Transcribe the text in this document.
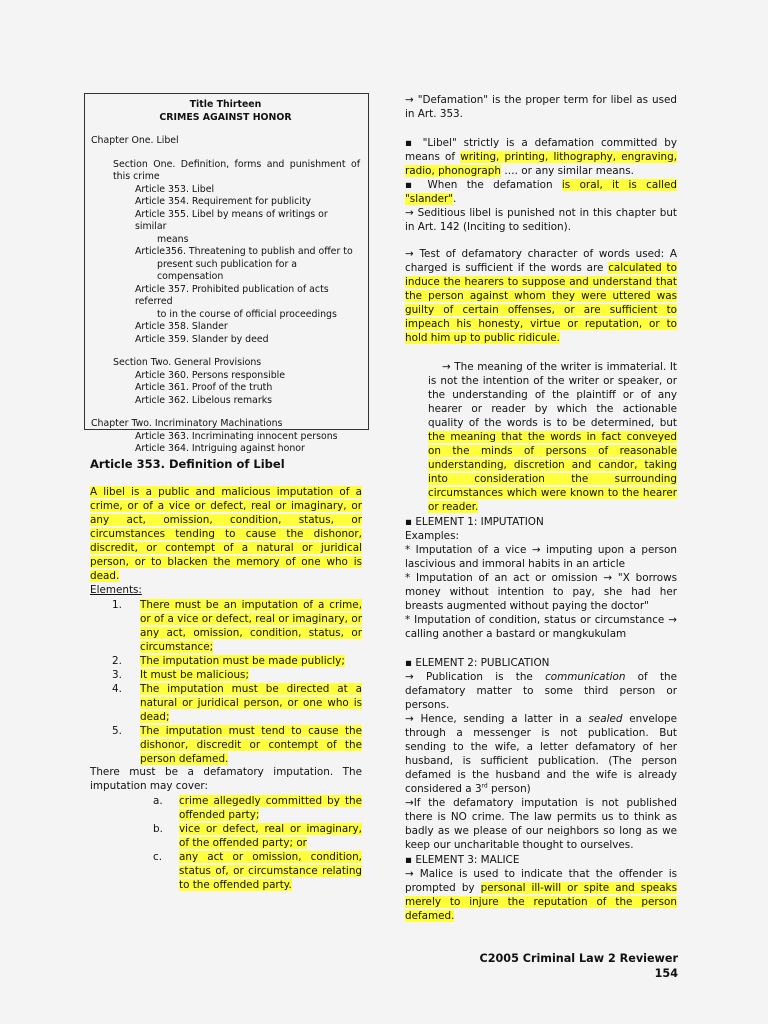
Title Thirteen
CRIMES AGAINST HONOR
Chapter One. Libel
Section One. Definition, forms and punishment of this crime
Article 353. Libel
Article 354. Requirement for publicity
Article 355. Libel by means of writings or similar
means
Article356. Threatening to publish and offer to
present such publication for a compensation
Article 357. Prohibited publication of acts referred
to in the course of official proceedings
Article 358. Slander
Article 359. Slander by deed
Section Two. General Provisions
Article 360. Persons responsible
Article 361. Proof of the truth
Article 362. Libelous remarks
Chapter Two. Incriminatory Machinations
Article 363. Incriminating innocent persons
Article 364. Intriguing against honor
Article 353. Definition of Libel
A libel is a public and malicious imputation of a crime, or of a vice or defect, real or imaginary, or any act, omission, condition, status, or circumstances tending to cause the dishonor, discredit, or contempt of a natural or juridical person, or to blacken the memory of one who is dead.
Elements:
1.	There must be an imputation of a crime, or of a vice or defect, real or imaginary, or any act, omission, condition, status, or circumstance;
2.	The imputation must be made publicly;
3.	It must be malicious;
4.	The imputation must be directed at a natural or juridical person, or one who is dead;
5.	The imputation must tend to cause the dishonor, discredit or contempt of the person defamed.
There must be a defamatory imputation. The imputation may cover:
a.	crime allegedly committed by the offended party;
b.	vice or defect, real or imaginary, of the offended party; or
c.	any act or omission, condition, status of, or circumstance relating to the offended party.
→ "Defamation" is the proper term for libel as used in Art. 353.
▪ "Libel" strictly is a defamation committed by means of writing, printing, lithography, engraving, radio, phonograph …. or any similar means.
▪ When the defamation is oral, it is called "slander".
→ Seditious libel is punished not in this chapter but in Art. 142 (Inciting to sedition).
→ Test of defamatory character of words used: A charged is sufficient if the words are calculated to induce the hearers to suppose and understand that the person against whom they were uttered was guilty of certain offenses, or are sufficient to impeach his honesty, virtue or reputation, or to hold him up to public ridicule.
→ The meaning of the writer is immaterial. It is not the intention of the writer or speaker, or the understanding of the plaintiff or of any hearer or reader by which the actionable quality of the words is to be determined, but the meaning that the words in fact conveyed on the minds of persons of reasonable understanding, discretion and candor, taking into consideration the surrounding circumstances which were known to the hearer or reader.
▪ ELEMENT 1: IMPUTATION
Examples:
* Imputation of a vice → imputing upon a person lascivious and immoral habits in an article
* Imputation of an act or omission → "X borrows money without intention to pay, she had her breasts augmented without paying the doctor"
* Imputation of condition, status or circumstance → calling another a bastard or mangkukulam
▪ ELEMENT 2: PUBLICATION
→ Publication is the communication of the defamatory matter to some third person or persons.
→ Hence, sending a latter in a sealed envelope through a messenger is not publication. But sending to the wife, a letter defamatory of her husband, is sufficient publication. (The person defamed is the husband and the wife is already considered a 3rd person)
→If the defamatory imputation is not published there is NO crime. The law permits us to think as badly as we please of our neighbors so long as we keep our uncharitable thought to ourselves.
▪ ELEMENT 3: MALICE
→ Malice is used to indicate that the offender is prompted by personal ill-will or spite and speaks merely to injure the reputation of the person defamed.
C2005 Criminal Law 2 Reviewer
154
